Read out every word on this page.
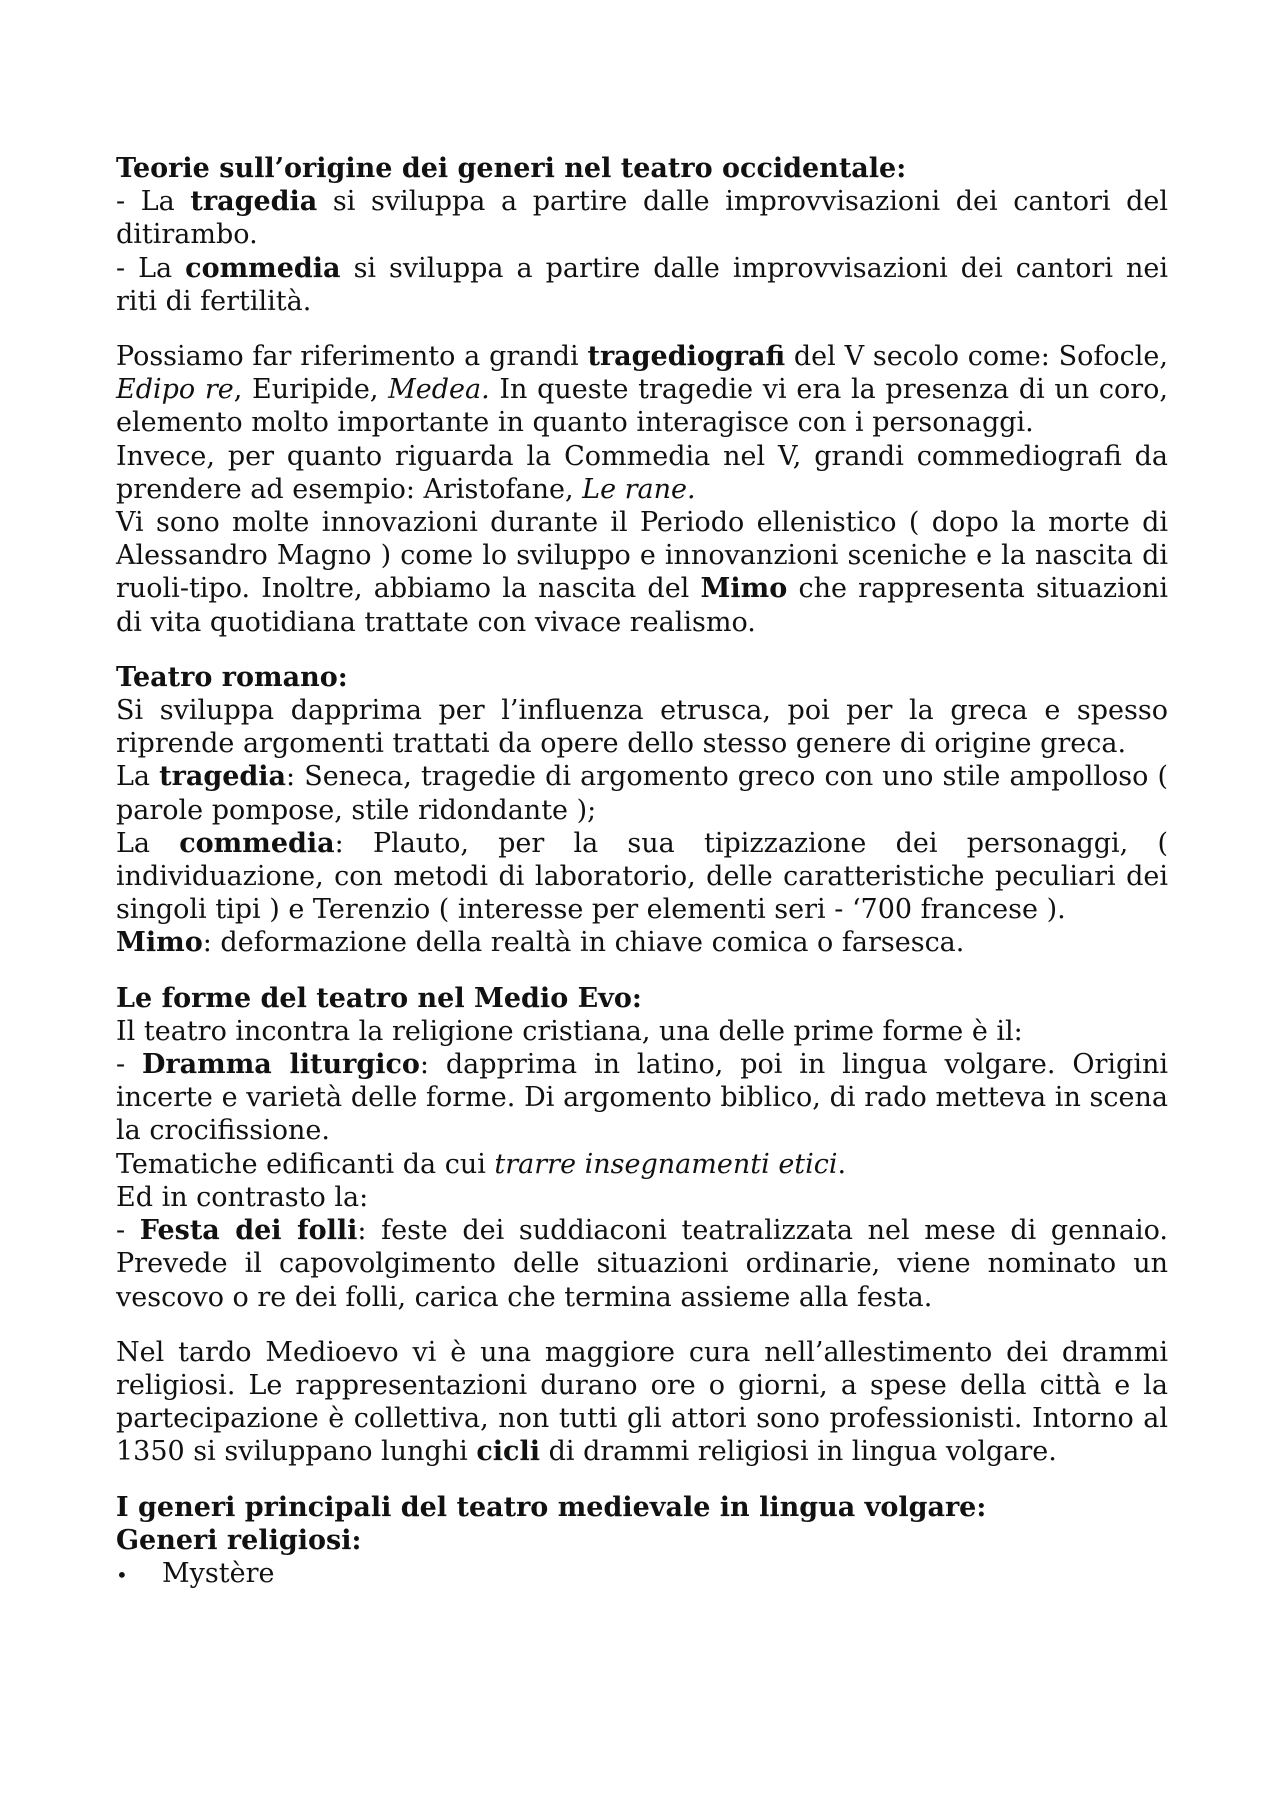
Teorie sull’origine dei generi nel teatro occidentale:

- La tragedia si sviluppa a partire dalle improvvisazioni dei cantori del ditirambo.

- La commedia si sviluppa a partire dalle improvvisazioni dei cantori nei riti di fertilità.

Possiamo far riferimento a grandi tragediografi del V secolo come: Sofocle, Edipo re, Euripide, Medea. In queste tragedie vi era la presenza di un coro, elemento molto importante in quanto interagisce con i personaggi.

Invece, per quanto riguarda la Commedia nel V, grandi commediografi da prendere ad esempio: Aristofane, Le rane.

Vi sono molte innovazioni durante il Periodo ellenistico ( dopo la morte di Alessandro Magno ) come lo sviluppo e innovanzioni sceniche e la nascita di ruoli-tipo. Inoltre, abbiamo la nascita del Mimo che rappresenta situazioni di vita quotidiana trattate con vivace realismo.

Teatro romano:

Si sviluppa dapprima per l’influenza etrusca, poi per la greca e spesso riprende argomenti trattati da opere dello stesso genere di origine greca.

La tragedia: Seneca, tragedie di argomento greco con uno stile ampolloso ( parole pompose, stile ridondante );

La commedia: Plauto, per la sua tipizzazione dei personaggi, ( individuazione, con metodi di laboratorio, delle caratteristiche peculiari dei singoli tipi ) e Terenzio ( interesse per elementi seri - ‘700 francese ).

Mimo: deformazione della realtà in chiave comica o farsesca.

Le forme del teatro nel Medio Evo:

Il teatro incontra la religione cristiana, una delle prime forme è il:

- Dramma liturgico: dapprima in latino, poi in lingua volgare. Origini incerte e varietà delle forme. Di argomento biblico, di rado metteva in scena la crocifissione.

Tematiche edificanti da cui trarre insegnamenti etici.

Ed in contrasto la:

- Festa dei folli: feste dei suddiaconi teatralizzata nel mese di gennaio. Prevede il capovolgimento delle situazioni ordinarie, viene nominato un vescovo o re dei folli, carica che termina assieme alla festa.

Nel tardo Medioevo vi è una maggiore cura nell’allestimento dei drammi religiosi. Le rappresentazioni durano ore o giorni, a spese della città e la partecipazione è collettiva, non tutti gli attori sono professionisti. Intorno al 1350 si sviluppano lunghi cicli di drammi religiosi in lingua volgare.

I generi principali del teatro medievale in lingua volgare:

Generi religiosi:

•	Mystère
